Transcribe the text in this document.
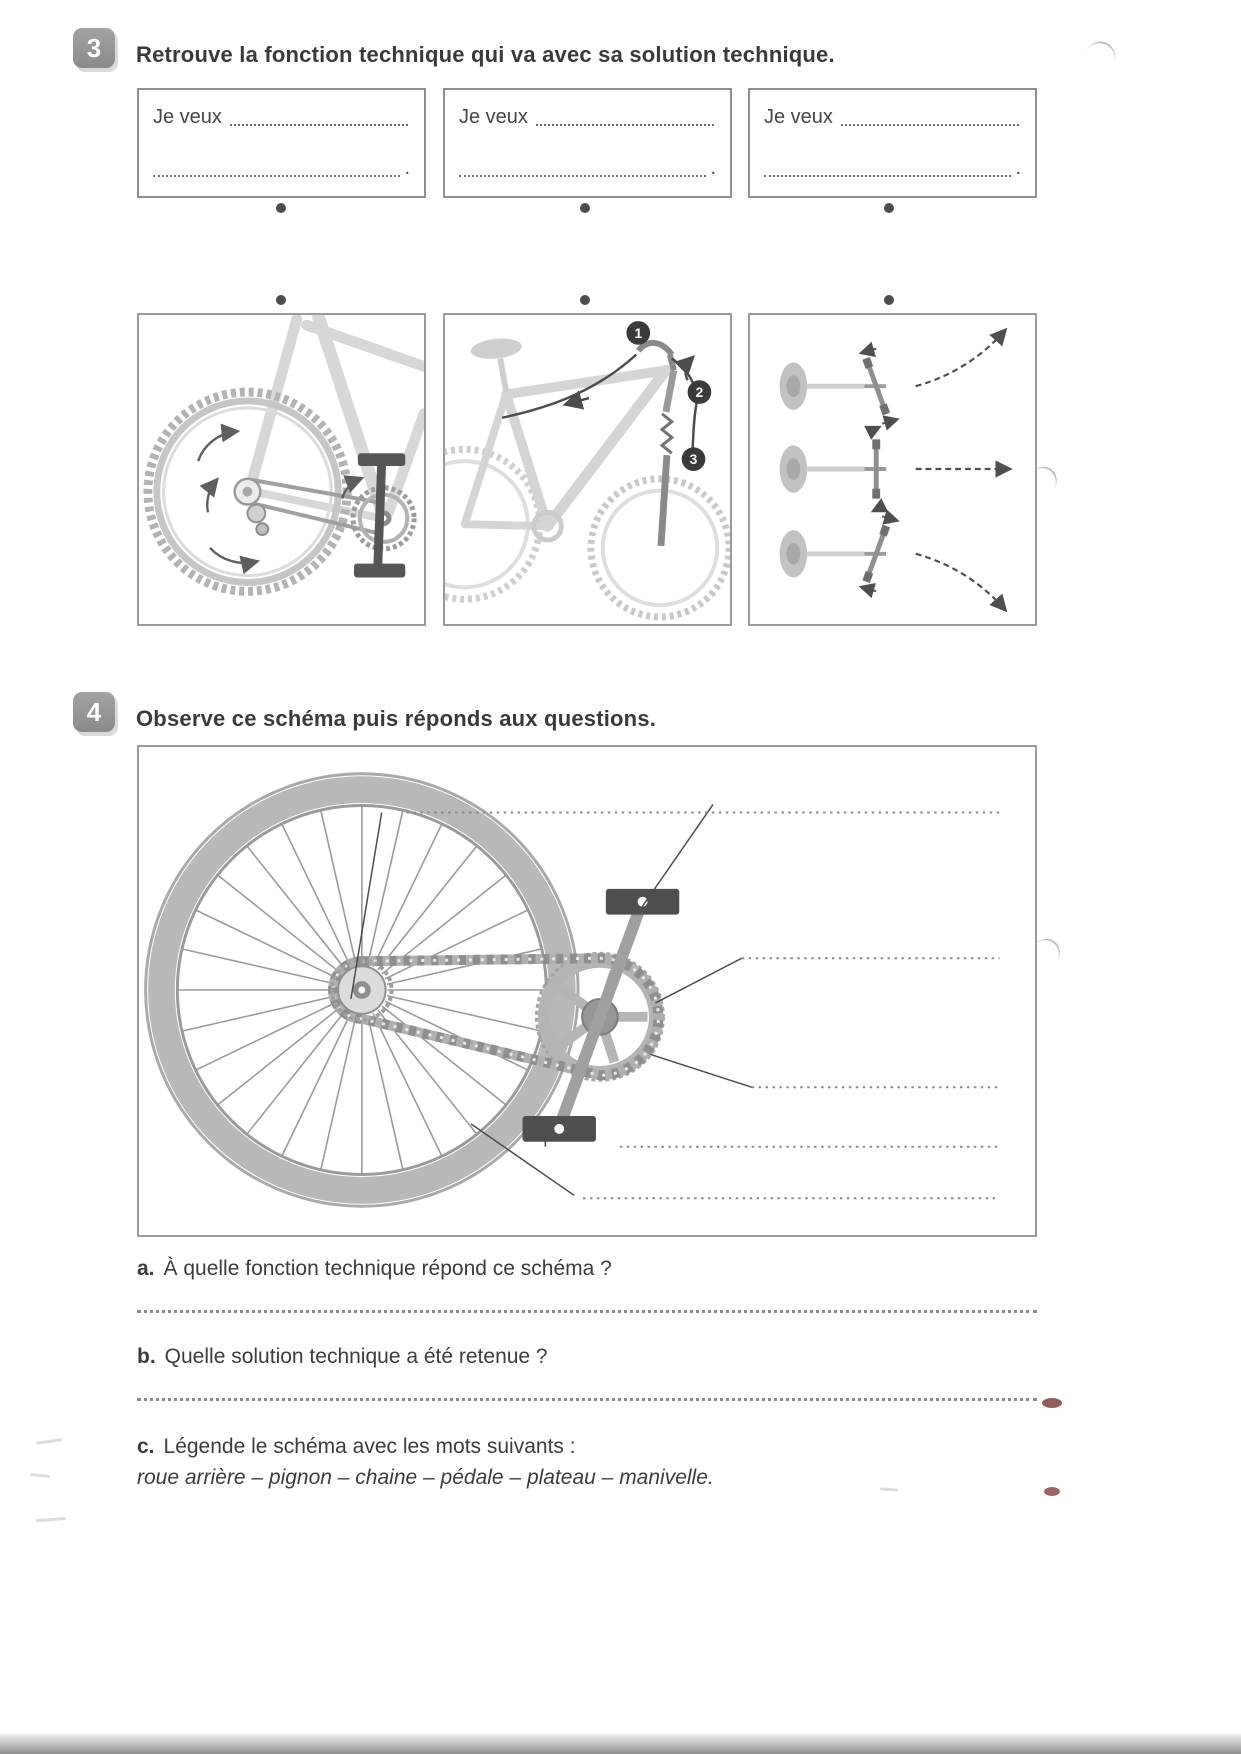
3 Retrouve la fonction technique qui va avec sa solution technique.
Je veux
.
Je veux
.
Je veux
.
1
2
3
4 Observe ce schéma puis réponds aux questions.
a. À quelle fonction technique répond ce schéma ?
b. Quelle solution technique a été retenue ?
c. Légende le schéma avec les mots suivants :
roue arrière – pignon – chaine – pédale – plateau – manivelle.
